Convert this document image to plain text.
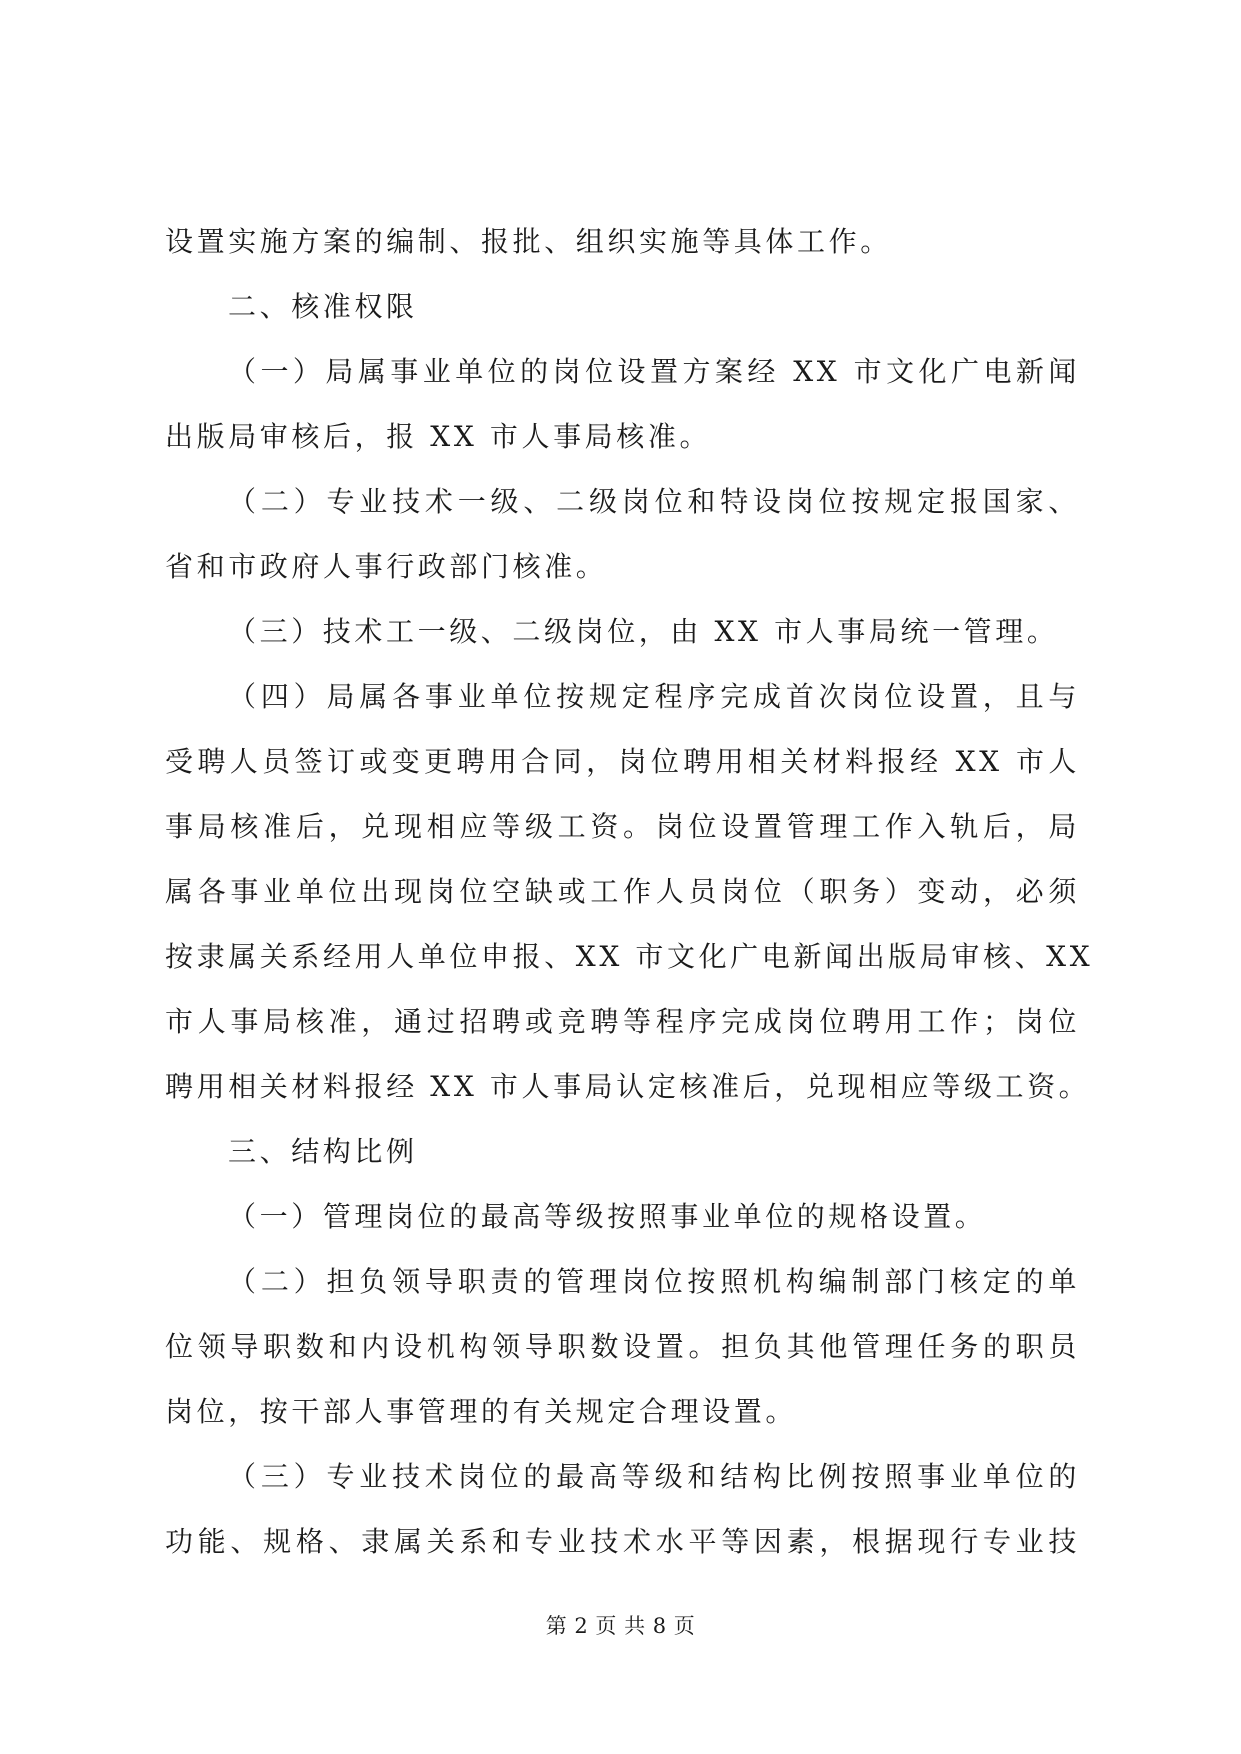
设置实施方案的编制、报批、组织实施等具体工作。
二、核准权限
（一）局属事业单位的岗位设置方案经 XX 市文化广电新闻
出版局审核后，报 XX 市人事局核准。
（二）专业技术一级、二级岗位和特设岗位按规定报国家、
省和市政府人事行政部门核准。
（三）技术工一级、二级岗位，由 XX 市人事局统一管理。
（四）局属各事业单位按规定程序完成首次岗位设置，且与
受聘人员签订或变更聘用合同，岗位聘用相关材料报经 XX 市人
事局核准后，兑现相应等级工资。岗位设置管理工作入轨后，局
属各事业单位出现岗位空缺或工作人员岗位（职务）变动，必须
按隶属关系经用人单位申报、XX 市文化广电新闻出版局审核、XX
市人事局核准，通过招聘或竞聘等程序完成岗位聘用工作；岗位
聘用相关材料报经 XX 市人事局认定核准后，兑现相应等级工资。
三、结构比例
（一）管理岗位的最高等级按照事业单位的规格设置。
（二）担负领导职责的管理岗位按照机构编制部门核定的单
位领导职数和内设机构领导职数设置。担负其他管理任务的职员
岗位，按干部人事管理的有关规定合理设置。
（三）专业技术岗位的最高等级和结构比例按照事业单位的
功能、规格、隶属关系和专业技术水平等因素，根据现行专业技
第 2 页 共 8 页
